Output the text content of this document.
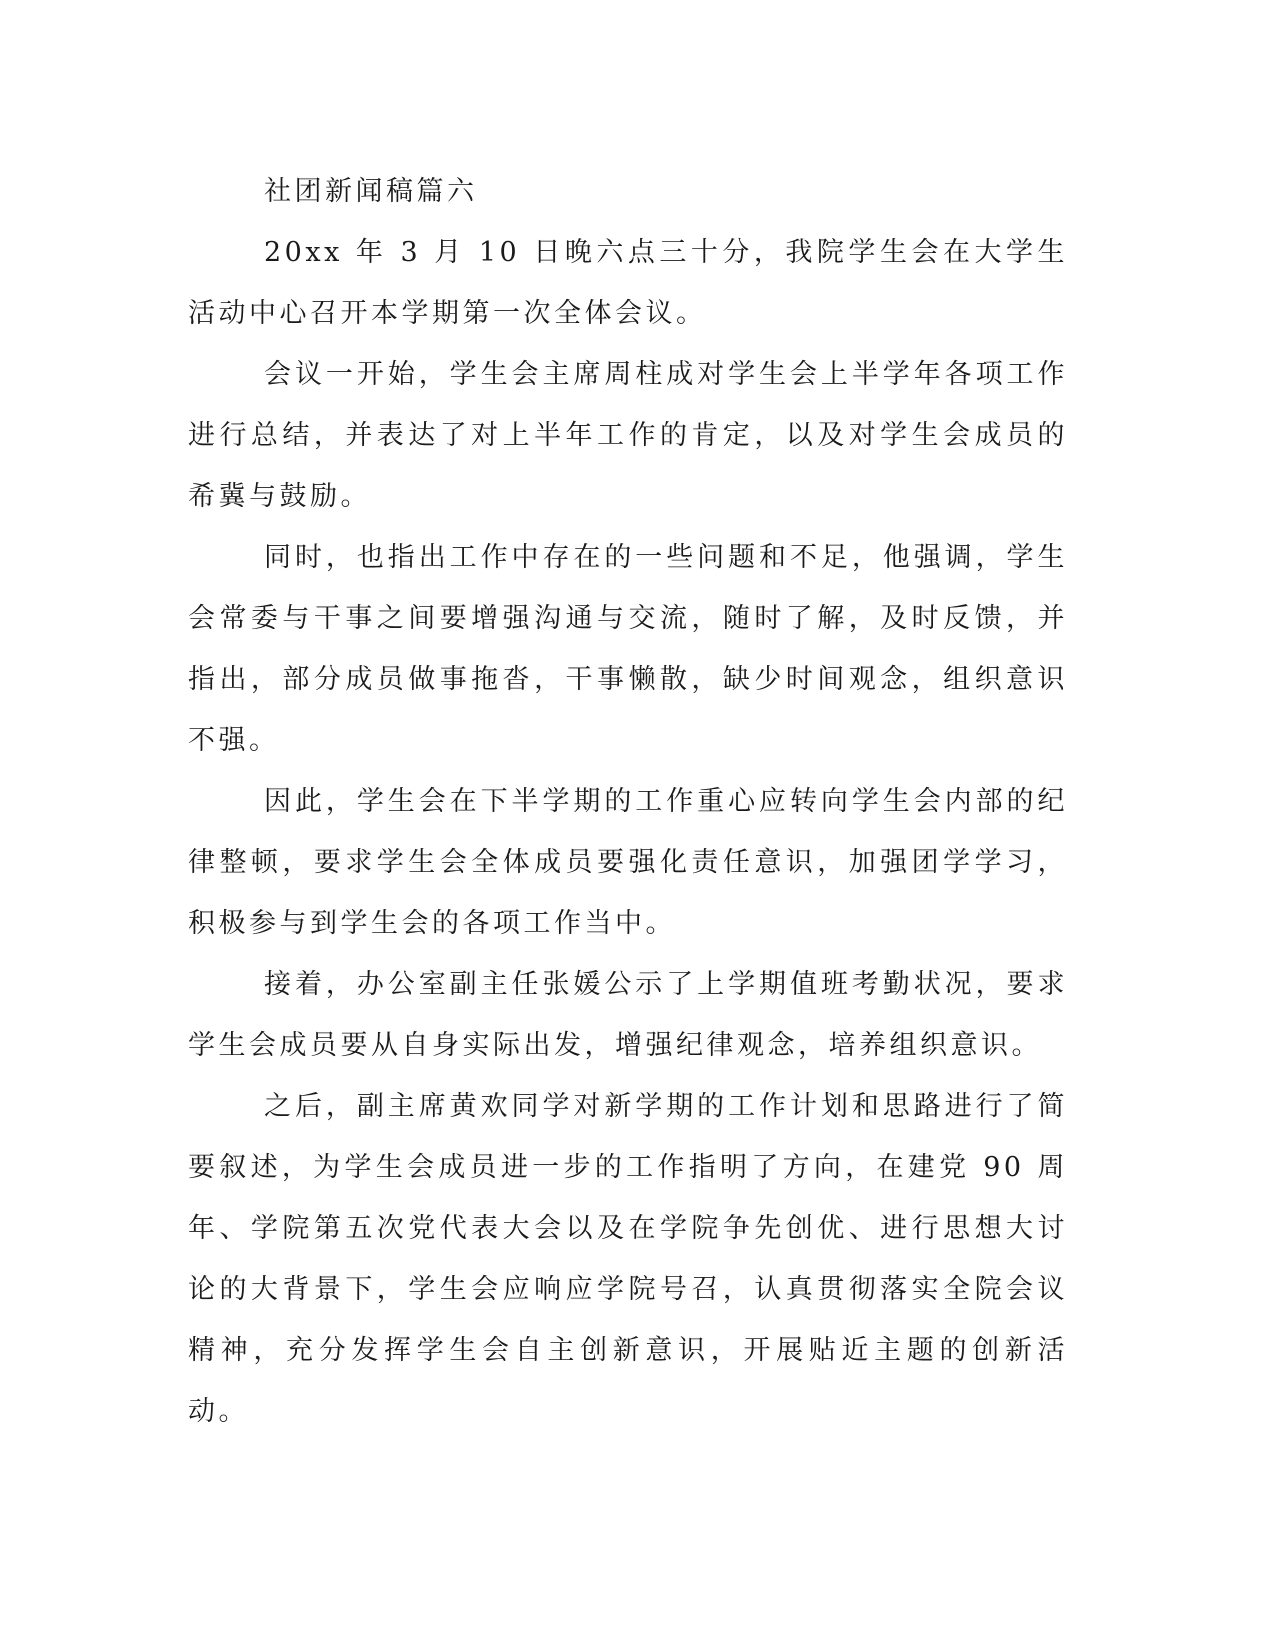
社团新闻稿篇六

20xx 年 3 月 10 日晚六点三十分，我院学生会在大学生活动中心召开本学期第一次全体会议。

会议一开始，学生会主席周柱成对学生会上半学年各项工作进行总结，并表达了对上半年工作的肯定，以及对学生会成员的希冀与鼓励。

同时，也指出工作中存在的一些问题和不足，他强调，学生会常委与干事之间要增强沟通与交流，随时了解，及时反馈，并指出，部分成员做事拖沓，干事懒散，缺少时间观念，组织意识不强。

因此，学生会在下半学期的工作重心应转向学生会内部的纪律整顿，要求学生会全体成员要强化责任意识，加强团学学习，积极参与到学生会的各项工作当中。

接着，办公室副主任张媛公示了上学期值班考勤状况，要求学生会成员要从自身实际出发，增强纪律观念，培养组织意识。

之后，副主席黄欢同学对新学期的工作计划和思路进行了简要叙述，为学生会成员进一步的工作指明了方向，在建党 90 周年、学院第五次党代表大会以及在学院争先创优、进行思想大讨论的大背景下，学生会应响应学院号召，认真贯彻落实全院会议精神，充分发挥学生会自主创新意识，开展贴近主题的创新活动。
